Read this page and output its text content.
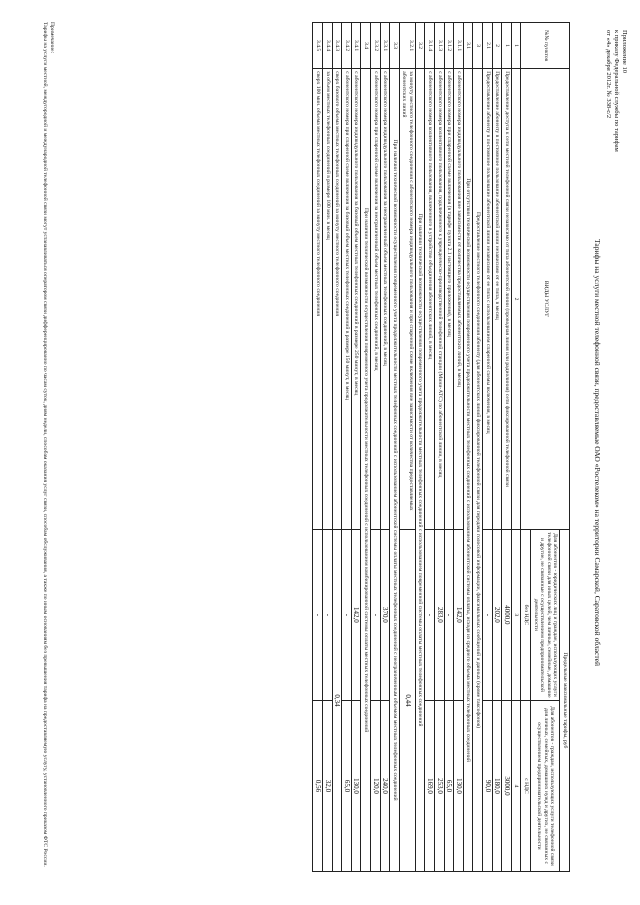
Приложение 10
к приказу Федеральной службы по тарифам
от «4» декабря 2012г. № 338-с/2
Тарифы на услуги местной телефонной связи, предоставляемые ОАО «Ростелеком» на территории Самарской, Саратовской областей
№№ пунктов	ВИДЫ УСЛУГ	Предельные максимальные тарифы, руб	
		Для абонентов - юридических лиц и граждан, использующих услуги телефонной связи для иных целей, чем личные, семейные, домашние и другие, не связанные с осуществлением предпринимательской деятельности	Для абонентов - граждан, использующих услуги телефонной связи для личных, семейных, домашних нужд и других, не связанных с осуществлением предпринимательской деятельности
		без НДС	с НДС
1	2	3	4
1	Предоставление доступа к сети местной телефонной связи независимо от типа абонентской линии (проводная линия или радиолиния) сети фиксированной телефонной связи	4000,0	3000,0
2	Предоставление абоненту в постоянное пользование абонентской линии независимо от ее типа, в месяц	202,0	180,0
2.1	Предоставление абоненту в постоянное пользование абонентской линии независимо от ее типа с использованием спаренной схемы включения, в месяц	-	90,0
3	Предоставление местного телефонного соединения абоненту (для абонентских линий фиксированной телефонной связи для передачи голосовой информации, факсимильных сообщений и данных (кроме таксофонов)		
3.1	При отсутствии технической возможности осуществления повременного учета продолжительности местных телефонных соединений с использованием абонентской системы оплаты, исходя из среднего объема местных телефонных соединений		
3.1.1	с абонентского номера индивидуального пользования вне зависимости от количества предоставляемых абонентских линий, в месяц	142,0	130,0
3.1.2	с абонентского номера при спаренной схеме включения (в тарифе пункта 2.1 настоящего приложения), в месяц	-	65,0
3.1.3	с абонентского номера коллективного пользования, подключенного к учрежденческо-производственной телефонной станции (Мини-АТС) по абонентской линии, в месяц	283,0	253,0
3.1.4	с абонентского номера коллективного пользования, включенного в устройство объединения абонентских линий, в месяц	-	169,0
3.2	При наличии технической возможности осуществления повременного учета продолжительности местных телефонных соединений с использованием повременной системы оплаты местных телефонных соединений		
3.2.1	за минуту местного телефонного соединения с абонентского номера индивидуального пользования и при спаренной схеме включения вне зависимости от количества предоставляемых абонентских линий	0,44	
3.3	При наличии технической возможности осуществления повременного учета продолжительности местных телефонных соединений с использованием абонентской системы оплаты местных телефонных соединений с неограниченным объемом местных телефонных соединений		
3.3.1	с абонентского номера индивидуального пользования за неограниченный объем местных телефонных соединений, в месяц	370,0	240,0
3.3.2	с абонентского номера при спаренной схеме включения за неограниченный объем местных телефонных соединений, в месяц	-	120,0
3.4	При наличии технической возможности осуществления повременного учета продолжительности местных телефонных соединений с использованием комбинированной системы оплаты местных телефонных соединений		
3.4.1	с абонентского номера индивидуального пользования за базовый объем местных телефонных соединений в размере 250 минут, в месяц	142,0	130,0
3.4.2	с абонентского номера при спаренной схеме включения за базовый объем местных телефонных соединений в размере 150 минут, в месяц	-	65,0
3.4.3	сверх базового объема местных телефонных соединений за минуту местного телефонного соединения	0,34	
3.4.4	за объем местных телефонных соединений в размере 100 мин. в месяц	-	32,0
3.4.5	сверх 100 мин. объема местных телефонных соединений за минуту местного телефонного соединения	-	0,56
Примечание:
Тарифы на услуги местной, междугородной и международной телефонной связи могут устанавливаться оператором связи дифференцированно по часам суток, дням недели, способам оказания услуг связи, способам обслуживания, а также по иным основаниям без превышения тарифа на предоставляемую услугу, установленного приказом ФТС России.
